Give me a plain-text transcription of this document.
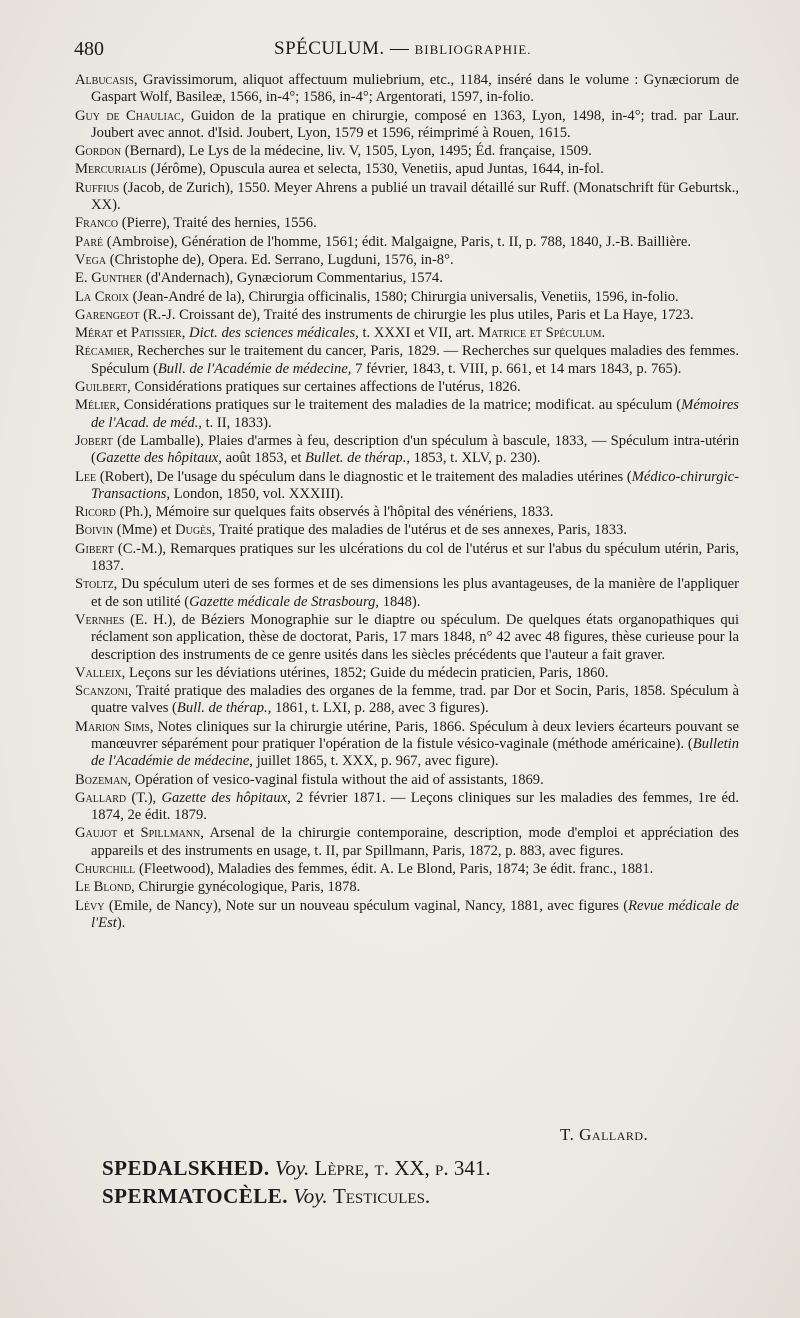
480	SPÉCULUM. — BIBLIOGRAPHIE.
Albucasis, Gravissimorum, aliquot affectuum muliebrium, etc., 1184, inséré dans le volume : Gynæciorum de Gaspart Wolf, Basileæ, 1566, in-4°; 1586, in-4°; Argentorati, 1597, in-folio.
Guy de Chauliac, Guidon de la pratique en chirurgie, composé en 1363, Lyon, 1498, in-4°; trad. par Laur. Joubert avec annot. d'Isid. Joubert, Lyon, 1579 et 1596, réimprimé à Rouen, 1615.
Gordon (Bernard), Le Lys de la médecine, liv. V, 1505, Lyon, 1495; Éd. française, 1509.
Mercurialis (Jérôme), Opuscula aurea et selecta, 1530, Venetiis, apud Juntas, 1644, in-fol.
Ruffius (Jacob, de Zurich), 1550. Meyer Ahrens a publié un travail détaillé sur Ruff. (Monatschrift für Geburtsk., XX).
Franco (Pierre), Traité des hernies, 1556.
Paré (Ambroise), Génération de l'homme, 1561; édit. Malgaigne, Paris, t. II, p. 788, 1840, J.-B. Baillière.
Vega (Christophe de), Opera. Ed. Serrano, Lugduni, 1576, in-8°.
E. Gunther (d'Andernach), Gynæciorum Commentarius, 1574.
La Croix (Jean-André de la), Chirurgia officinalis, 1580; Chirurgia universalis, Venetiis, 1596, in-folio.
Garengeot (R.-J. Croissant de), Traité des instruments de chirurgie les plus utiles, Paris et La Haye, 1723.
Mérat et Patissier, Dict. des sciences médicales, t. XXXI et VII, art. Matrice et Spéculum.
Récamier, Recherches sur le traitement du cancer, Paris, 1829. — Recherches sur quelques maladies des femmes. Spéculum (Bull. de l'Académie de médecine, 7 février, 1843, t. VIII, p. 661, et 14 mars 1843, p. 765).
Guilbert, Considérations pratiques sur certaines affections de l'utérus, 1826.
Mélier, Considérations pratiques sur le traitement des maladies de la matrice; modificat. au spéculum (Mémoires de l'Acad. de méd., t. II, 1833).
Jobert (de Lamballe), Plaies d'armes à feu, description d'un spéculum à bascule, 1833, — Spéculum intra-utérin (Gazette des hôpitaux, août 1853, et Bullet. de thérap., 1853, t. XLV, p. 230).
Lee (Robert), De l'usage du spéculum dans le diagnostic et le traitement des maladies utérines (Médico-chirurgic-Transactions, London, 1850, vol. XXXIII).
Ricord (Ph.), Mémoire sur quelques faits observés à l'hôpital des vénériens, 1833.
Boivin (Mme) et Dugès, Traité pratique des maladies de l'utérus et de ses annexes, Paris, 1833.
Gibert (C.-M.), Remarques pratiques sur les ulcérations du col de l'utérus et sur l'abus du spéculum utérin, Paris, 1837.
Stoltz, Du spéculum uteri de ses formes et de ses dimensions les plus avantageuses, de la manière de l'appliquer et de son utilité (Gazette médicale de Strasbourg, 1848).
Vernhes (E. H.), de Béziers Monographie sur le diaptre ou spéculum. De quelques états organopathiques qui réclament son application, thèse de doctorat, Paris, 17 mars 1848, n° 42 avec 48 figures, thèse curieuse pour la description des instruments de ce genre usités dans les siècles précédents que l'auteur a fait graver.
Valleix, Leçons sur les déviations utérines, 1852; Guide du médecin praticien, Paris, 1860.
Scanzoni, Traité pratique des maladies des organes de la femme, trad. par Dor et Socin, Paris, 1858. Spéculum à quatre valves (Bull. de thérap., 1861, t. LXI, p. 288, avec 3 figures).
Marion Sims, Notes cliniques sur la chirurgie utérine, Paris, 1866. Spéculum à deux leviers écarteurs pouvant se manœuvrer séparément pour pratiquer l'opération de la fistule vésico-vaginale (méthode américaine). (Bulletin de l'Académie de médecine, juillet 1865, t. XXX, p. 967, avec figure).
Bozeman, Opération of vesico-vaginal fistula without the aid of assistants, 1869.
Gallard (T.), Gazette des hôpitaux, 2 février 1871. — Leçons cliniques sur les maladies des femmes, 1re éd. 1874, 2e édit. 1879.
Gaujot et Spillmann, Arsenal de la chirurgie contemporaine, description, mode d'emploi et appréciation des appareils et des instruments en usage, t. II, par Spillmann, Paris, 1872, p. 883, avec figures.
Churchill (Fleetwood), Maladies des femmes, édit. A. Le Blond, Paris, 1874; 3e édit. franc., 1881.
Le Blond, Chirurgie gynécologique, Paris, 1878.
Lévy (Emile, de Nancy), Note sur un nouveau spéculum vaginal, Nancy, 1881, avec figures (Revue médicale de l'Est).
T. Gallard.
SPEDALSKHED. Voy. Lèpre, t. XX, p. 341.
SPERMATOCÈLE. Voy. Testicules.
